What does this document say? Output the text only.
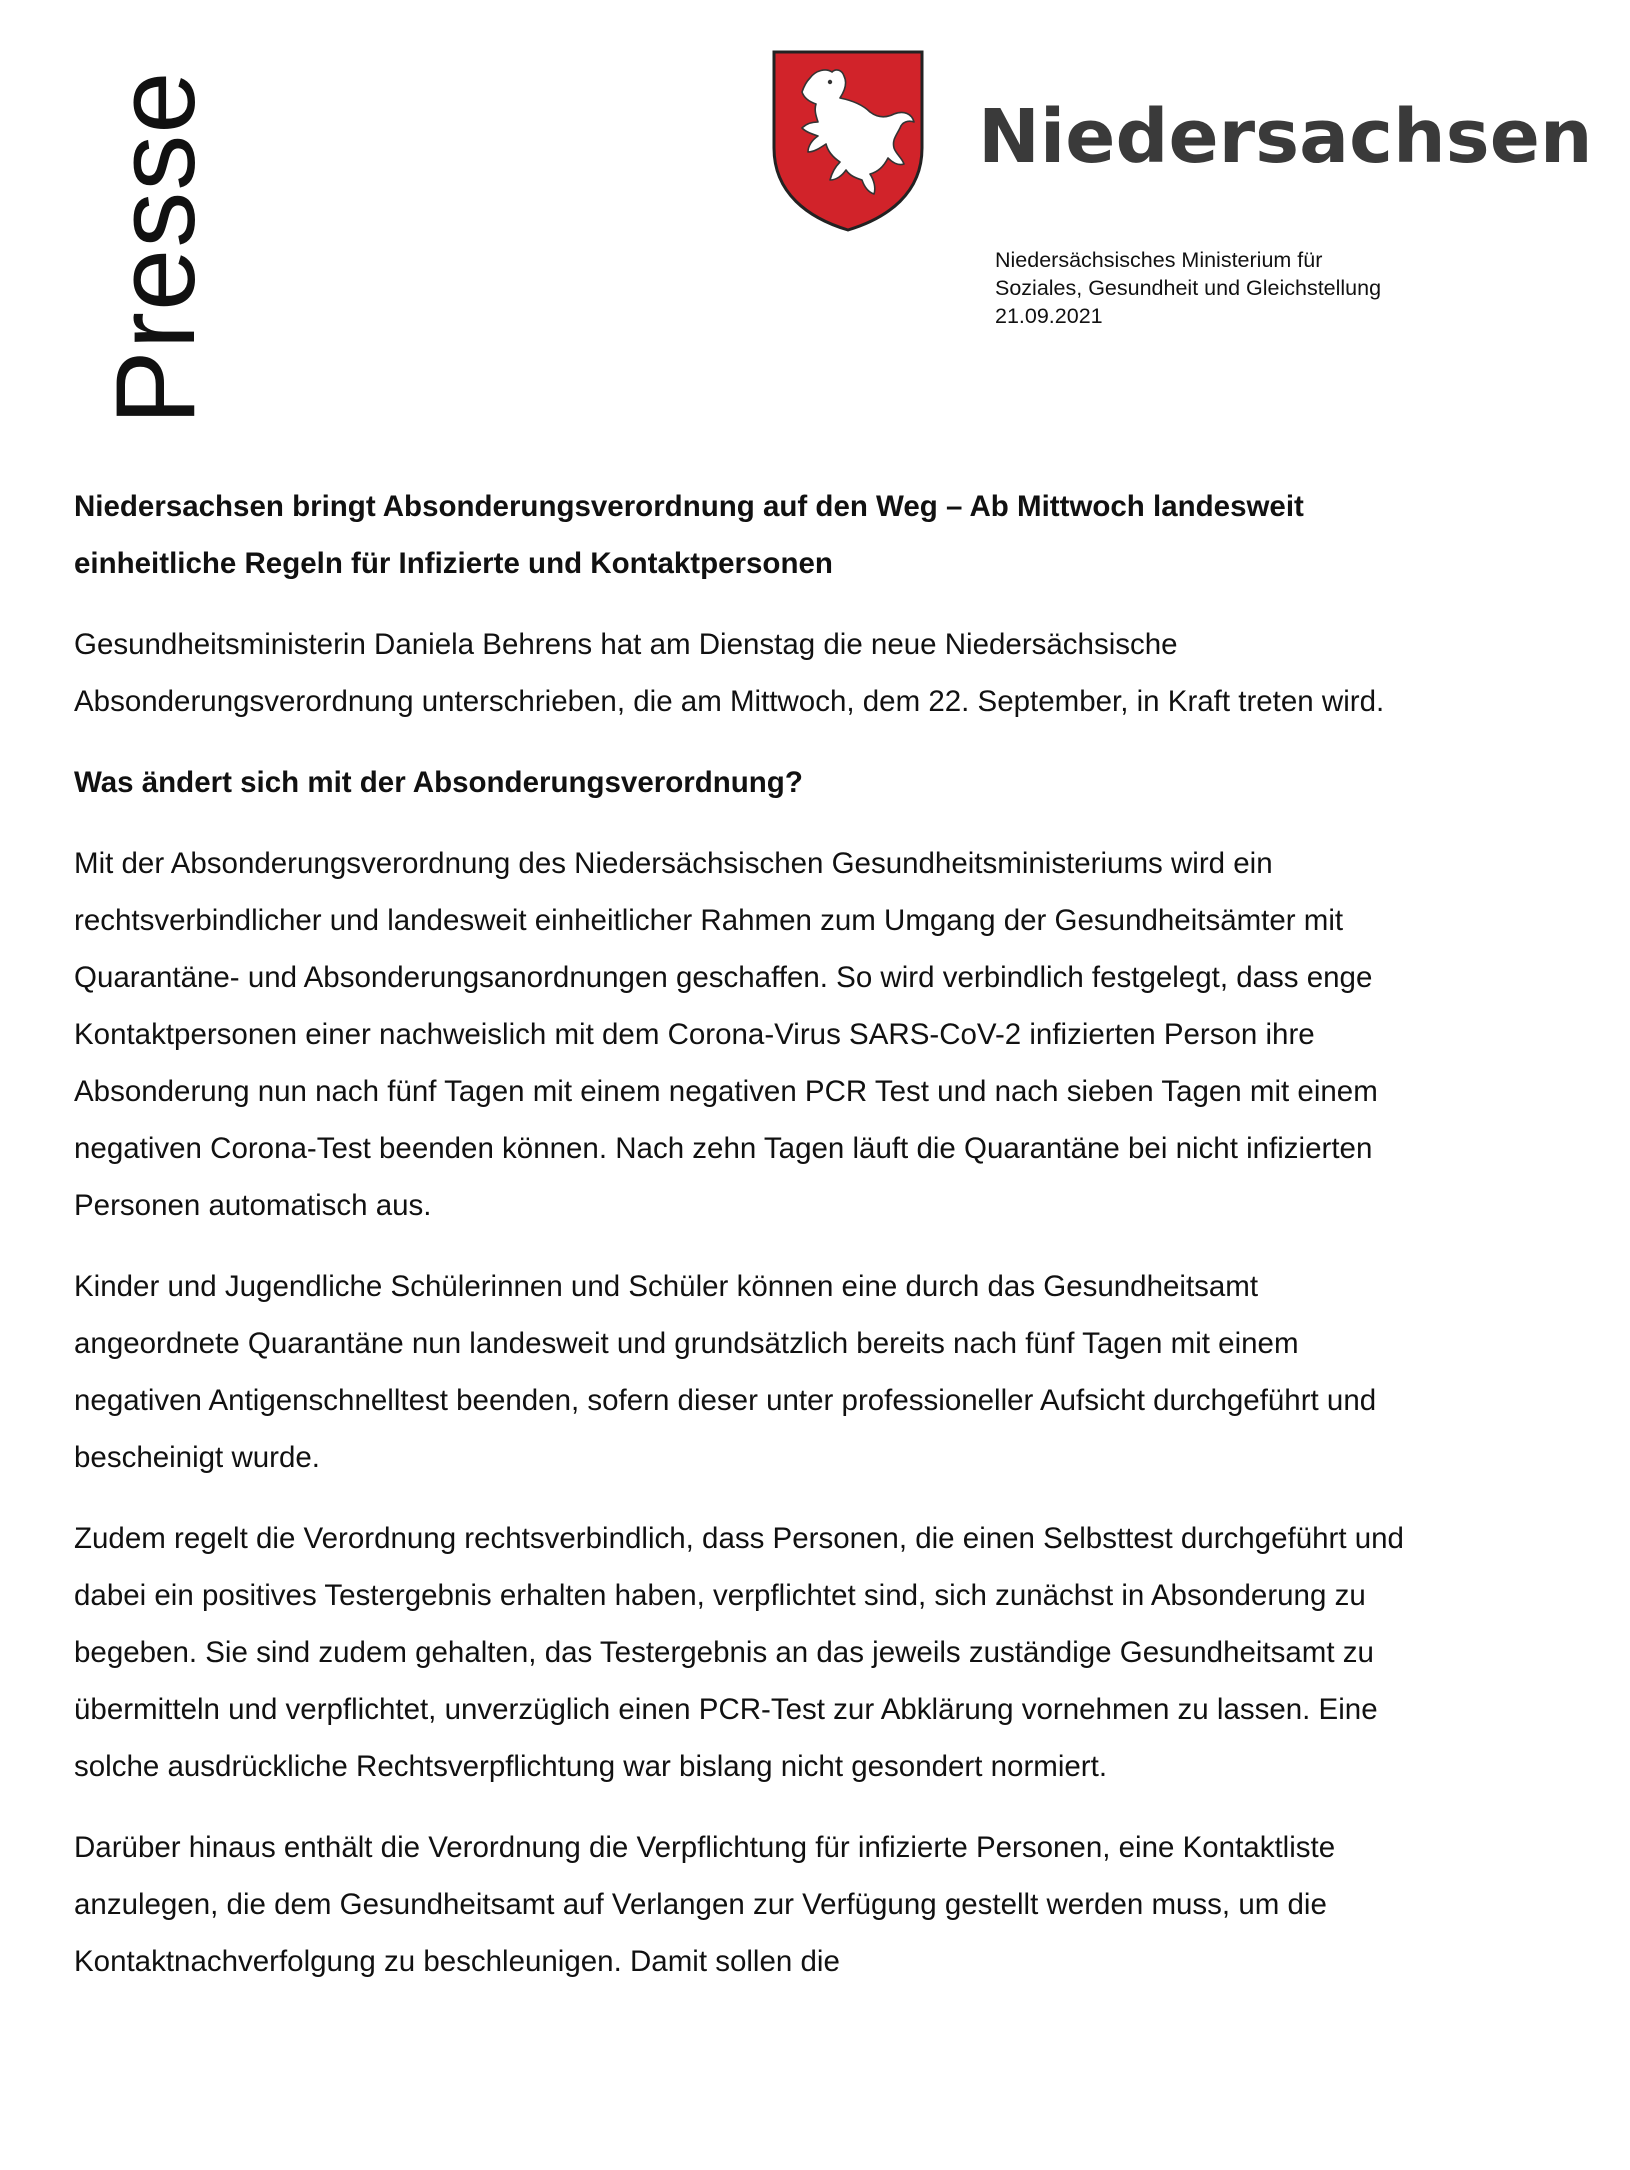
Presse	Niedersachsen
Niedersächsisches Ministerium für
Soziales, Gesundheit und Gleichstellung
21.09.2021

Niedersachsen bringt Absonderungsverordnung auf den Weg – Ab Mittwoch landesweit einheitliche Regeln für Infizierte und Kontaktpersonen

Gesundheitsministerin Daniela Behrens hat am Dienstag die neue Niedersächsische Absonderungsverordnung unterschrieben, die am Mittwoch, dem 22. September, in Kraft treten wird.

Was ändert sich mit der Absonderungsverordnung?

Mit der Absonderungsverordnung des Niedersächsischen Gesundheitsministeriums wird ein rechtsverbindlicher und landesweit einheitlicher Rahmen zum Umgang der Gesundheitsämter mit Quarantäne- und Absonderungsanordnungen geschaffen. So wird verbindlich festgelegt, dass enge Kontaktpersonen einer nachweislich mit dem Corona-Virus SARS-CoV-2 infizierten Person ihre Absonderung nun nach fünf Tagen mit einem negativen PCR Test und nach sieben Tagen mit einem negativen Corona-Test beenden können. Nach zehn Tagen läuft die Quarantäne bei nicht infizierten Personen automatisch aus.

Kinder und Jugendliche Schülerinnen und Schüler können eine durch das Gesundheitsamt angeordnete Quarantäne nun landesweit und grundsätzlich bereits nach fünf Tagen mit einem negativen Antigenschnelltest beenden, sofern dieser unter professioneller Aufsicht durchgeführt und bescheinigt wurde.

Zudem regelt die Verordnung rechtsverbindlich, dass Personen, die einen Selbsttest durchgeführt und dabei ein positives Testergebnis erhalten haben, verpflichtet sind, sich zunächst in Absonderung zu begeben. Sie sind zudem gehalten, das Testergebnis an das jeweils zuständige Gesundheitsamt zu übermitteln und verpflichtet, unverzüglich einen PCR-Test zur Abklärung vornehmen zu lassen. Eine solche ausdrückliche Rechtsverpflichtung war bislang nicht gesondert normiert.

Darüber hinaus enthält die Verordnung die Verpflichtung für infizierte Personen, eine Kontaktliste anzulegen, die dem Gesundheitsamt auf Verlangen zur Verfügung gestellt werden muss, um die Kontaktnachverfolgung zu beschleunigen. Damit sollen die
